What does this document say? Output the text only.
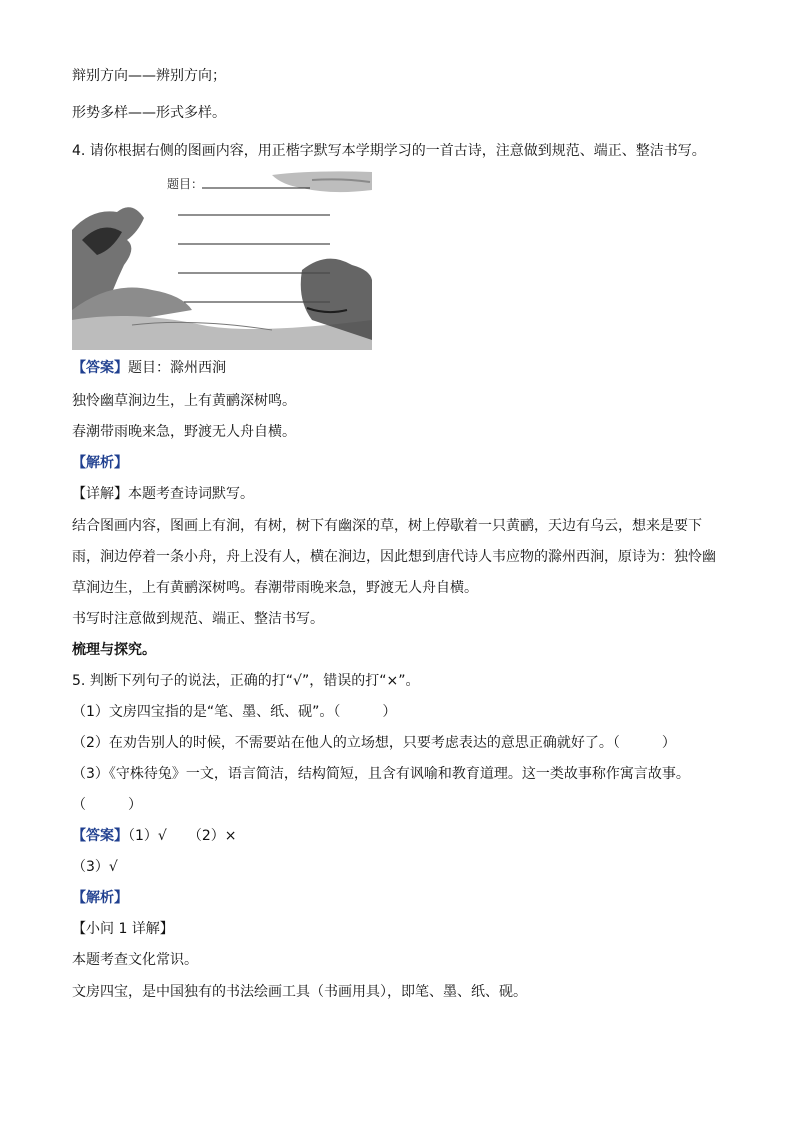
辩别方向——辨别方向；
形势多样——形式多样。
4. 请你根据右侧的图画内容，用正楷字默写本学期学习的一首古诗，注意做到规范、端正、整洁书写。
题目：
【答案】题目：滁州西涧
独怜幽草涧边生，上有黄鹂深树鸣。
春潮带雨晚来急，野渡无人舟自横。
【解析】
【详解】本题考查诗词默写。
结合图画内容，图画上有涧，有树，树下有幽深的草，树上停歇着一只黄鹂，天边有乌云，想来是要下
雨，涧边停着一条小舟，舟上没有人，横在涧边，因此想到唐代诗人韦应物的滁州西涧，原诗为：独怜幽
草涧边生，上有黄鹂深树鸣。春潮带雨晚来急，野渡无人舟自横。
书写时注意做到规范、端正、整洁书写。
梳理与探究。
5. 判断下列句子的说法，正确的打“√”，错误的打“×”。
（1）文房四宝指的是“笔、墨、纸、砚”。（　　　）
（2）在劝告别人的时候，不需要站在他人的立场想，只要考虑表达的意思正确就好了。（　　　）
（3）《守株待兔》一文，语言简洁，结构简短，且含有讽喻和教育道理。这一类故事称作寓言故事。
（　　　）
【答案】（1）√　　（2）×
（3）√
【解析】
【小问 1 详解】
本题考查文化常识。
文房四宝，是中国独有的书法绘画工具（书画用具），即笔、墨、纸、砚。
